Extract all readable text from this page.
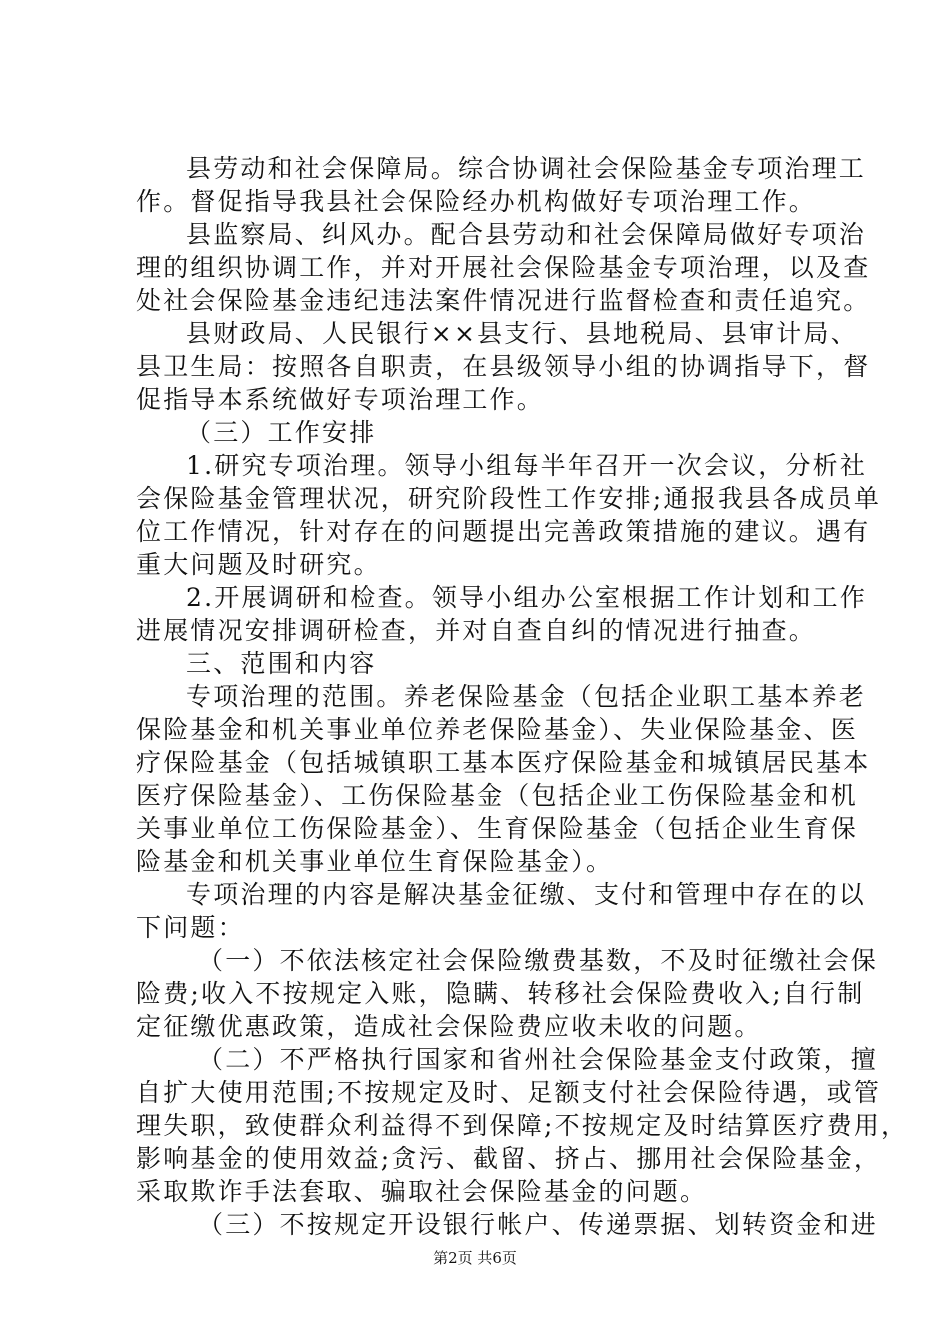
县劳动和社会保障局。综合协调社会保险基金专项治理工
作。督促指导我县社会保险经办机构做好专项治理工作。
县监察局、纠风办。配合县劳动和社会保障局做好专项治
理的组织协调工作，并对开展社会保险基金专项治理，以及查
处社会保险基金违纪违法案件情况进行监督检查和责任追究。
县财政局、人民银行××县支行、县地税局、县审计局、
县卫生局：按照各自职责，在县级领导小组的协调指导下，督
促指导本系统做好专项治理工作。
（三）工作安排
1.研究专项治理。领导小组每半年召开一次会议，分析社
会保险基金管理状况，研究阶段性工作安排;通报我县各成员单
位工作情况，针对存在的问题提出完善政策措施的建议。遇有
重大问题及时研究。
2.开展调研和检查。领导小组办公室根据工作计划和工作
进展情况安排调研检查，并对自查自纠的情况进行抽查。
三、范围和内容
专项治理的范围。养老保险基金（包括企业职工基本养老
保险基金和机关事业单位养老保险基金）、失业保险基金、医
疗保险基金（包括城镇职工基本医疗保险基金和城镇居民基本
医疗保险基金）、工伤保险基金（包括企业工伤保险基金和机
关事业单位工伤保险基金）、生育保险基金（包括企业生育保
险基金和机关事业单位生育保险基金）。
专项治理的内容是解决基金征缴、支付和管理中存在的以
下问题：
（一）不依法核定社会保险缴费基数，不及时征缴社会保
险费;收入不按规定入账，隐瞒、转移社会保险费收入;自行制
定征缴优惠政策，造成社会保险费应收未收的问题。
（二）不严格执行国家和省州社会保险基金支付政策，擅
自扩大使用范围;不按规定及时、足额支付社会保险待遇，或管
理失职，致使群众利益得不到保障;不按规定及时结算医疗费用，
影响基金的使用效益;贪污、截留、挤占、挪用社会保险基金，
采取欺诈手法套取、骗取社会保险基金的问题。
（三）不按规定开设银行帐户、传递票据、划转资金和进
第2页 共6页
